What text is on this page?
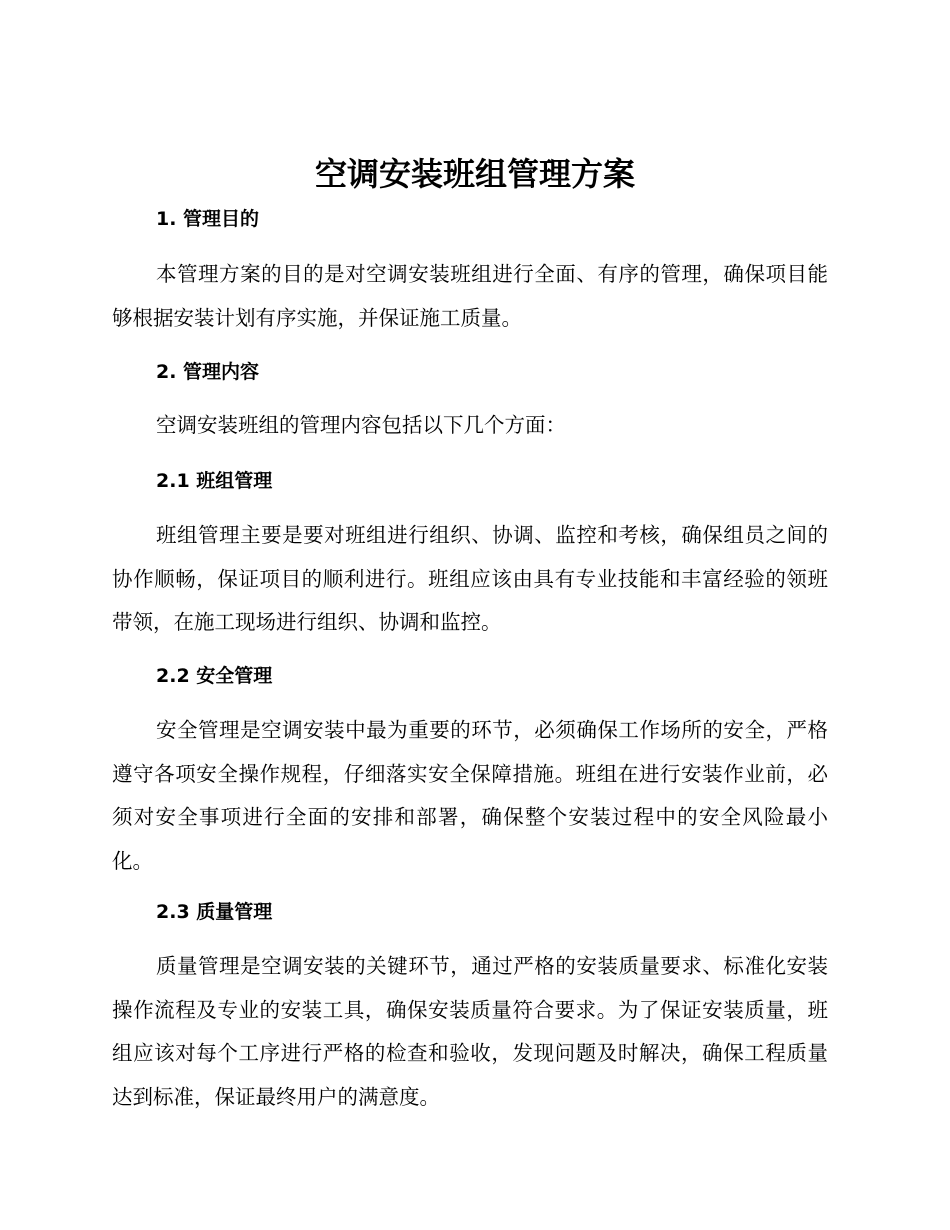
空调安装班组管理方案
1. 管理目的

本管理方案的目的是对空调安装班组进行全面、有序的管理，确保项目能够根据安装计划有序实施，并保证施工质量。

2. 管理内容

空调安装班组的管理内容包括以下几个方面：

2.1 班组管理

班组管理主要是要对班组进行组织、协调、监控和考核，确保组员之间的协作顺畅，保证项目的顺利进行。班组应该由具有专业技能和丰富经验的领班带领，在施工现场进行组织、协调和监控。

2.2 安全管理

安全管理是空调安装中最为重要的环节，必须确保工作场所的安全，严格遵守各项安全操作规程，仔细落实安全保障措施。班组在进行安装作业前，必须对安全事项进行全面的安排和部署，确保整个安装过程中的安全风险最小化。

2.3 质量管理

质量管理是空调安装的关键环节，通过严格的安装质量要求、标准化安装操作流程及专业的安装工具，确保安装质量符合要求。为了保证安装质量，班组应该对每个工序进行严格的检查和验收，发现问题及时解决，确保工程质量达到标准，保证最终用户的满意度。
